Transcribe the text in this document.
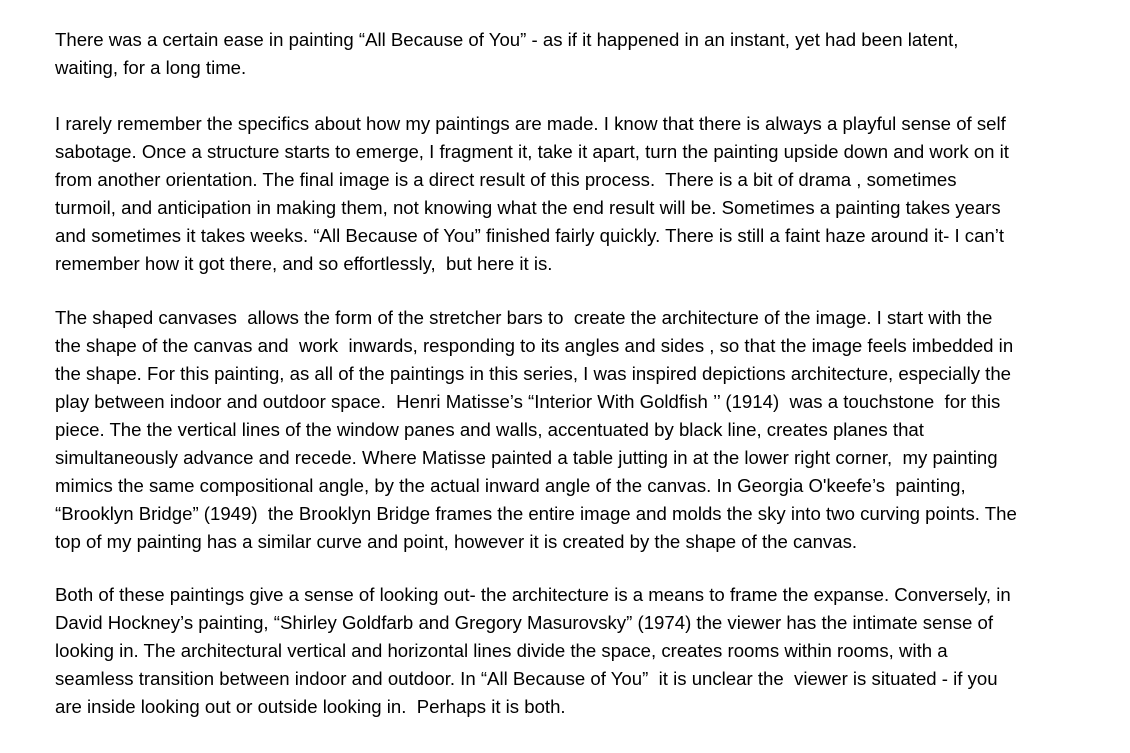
There was a certain ease in painting “All Because of You” - as if it happened in an instant, yet had been latent,
waiting, for a long time.

I rarely remember the specifics about how my paintings are made. I know that there is always a playful sense of self
sabotage. Once a structure starts to emerge, I fragment it, take it apart, turn the painting upside down and work on it
from another orientation. The final image is a direct result of this process.  There is a bit of drama , sometimes
turmoil, and anticipation in making them, not knowing what the end result will be. Sometimes a painting takes years
and sometimes it takes weeks. “All Because of You” finished fairly quickly. There is still a faint haze around it- I can’t
remember how it got there, and so effortlessly,  but here it is.

The shaped canvases  allows the form of the stretcher bars to  create the architecture of the image. I start with the
the shape of the canvas and  work  inwards, responding to its angles and sides , so that the image feels imbedded in
the shape. For this painting, as all of the paintings in this series, I was inspired depictions architecture, especially the
play between indoor and outdoor space.  Henri Matisse’s “Interior With Goldfish ’’ (1914)  was a touchstone  for this
piece. The the vertical lines of the window panes and walls, accentuated by black line, creates planes that
simultaneously advance and recede. Where Matisse painted a table jutting in at the lower right corner,  my painting
mimics the same compositional angle, by the actual inward angle of the canvas. In Georgia O'keefe’s  painting,
“Brooklyn Bridge” (1949)  the Brooklyn Bridge frames the entire image and molds the sky into two curving points. The
top of my painting has a similar curve and point, however it is created by the shape of the canvas.

Both of these paintings give a sense of looking out- the architecture is a means to frame the expanse. Conversely, in
David Hockney’s painting, “Shirley Goldfarb and Gregory Masurovsky” (1974) the viewer has the intimate sense of
looking in. The architectural vertical and horizontal lines divide the space, creates rooms within rooms, with a
seamless transition between indoor and outdoor. In “All Because of You”  it is unclear the  viewer is situated - if you
are inside looking out or outside looking in.  Perhaps it is both.
